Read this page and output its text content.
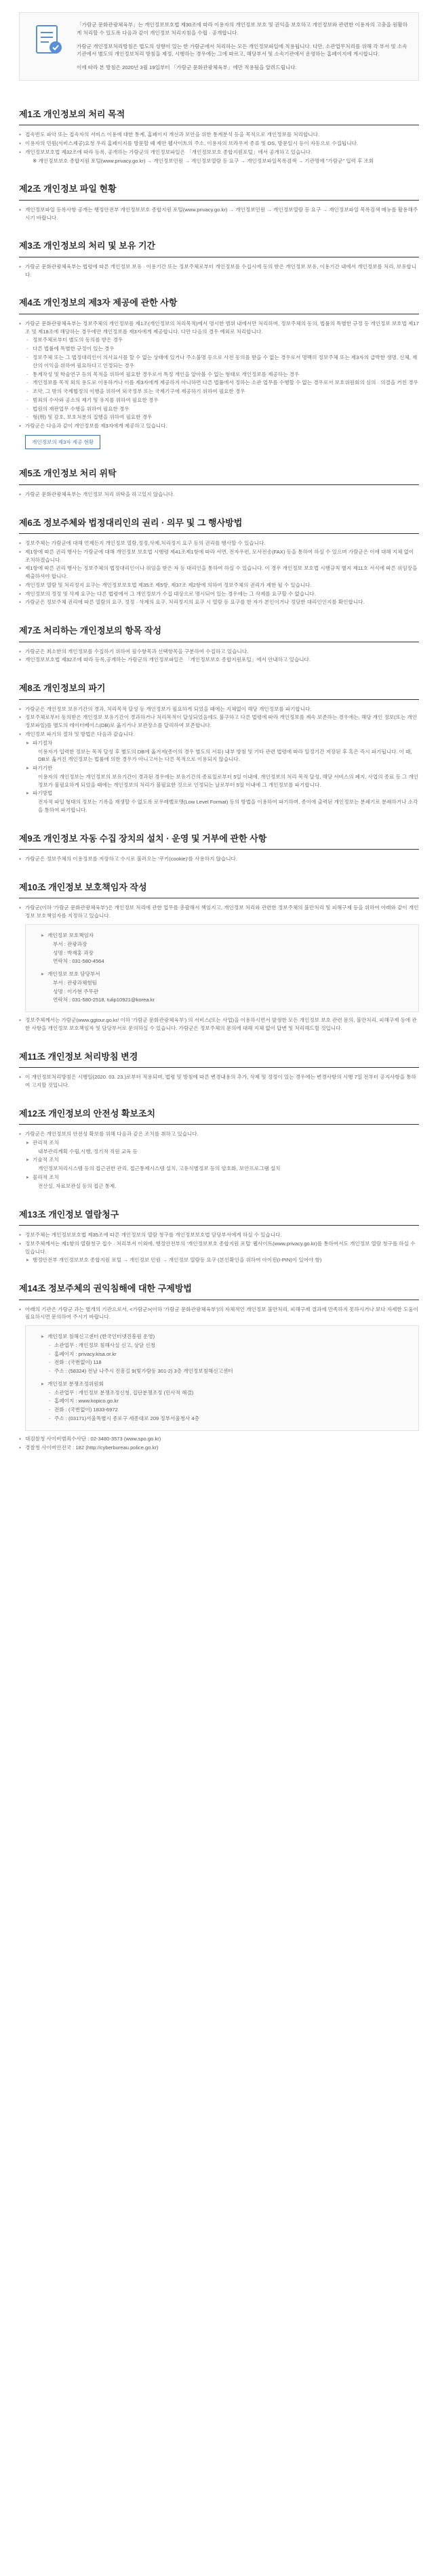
「가람군 문화관광체육부」는 개인정보보호법 제30조에 따라 이용자의 개인정보 보호 및 권익을 보호하고 개인정보와 관련한 이용자의 고충을 원활하게 처리할 수 있도록 다음과 같이 개인정보 처리지침을 수립 · 공개합니다.

가람군 개인정보처리방침은 법도의 성향이 있는 한 가람군에서 처리하는 모든 개인정보파일에 적용됩니다. 다만, 소관업무처리를 위해 각 부서 및 소속기관에서 별도의 개인정보처리 방침을 제정, 시행하는 경우에는 그에 따르고, 해당부서 및 소속기관에서 운영하는 홈페이지에 게시합니다.

이에 따라 본 방침은 2020년 3월 19일부터 「가람군 문화관광체육부」에만 적용됨을 알려드립니다.

제1조 개인정보의 처리 목적
● 접속빈도 파악 또는 접속자의 서비스 이용에 대한 통계, 홈페이지 개선과 보안을 위한 통계분석 등을 목적으로 개인정보를 처리합니다.
● 이용자의 민원(서비스제공)요청 우리 홈페이지를 방문할 때 제안 웹사이트의 주소, 이용자의 브라우저 종류 및 OS, 방문일시 등이 자동으로 수집됩니다.
● 개인정보보호법 제32조에 따라 등록, 공개하는 가람군의 개인정보파일은 「개인정보보호 종합지원포털」에서 공개하고 있습니다.
※ 개인정보보호 종합지원 포털(www.privacy.go.kr) → 개인정보민원 → 개인정보열람 등 요구 → 개인정보파일목록검색 → 기관명에 "가람군" 입력 후 조회
제2조 개인정보 파일 현황
● 개인정보파일 등록사항 공개는 행정안전부 개인정보보호 종합지원 포털(www.privacy.go.kr) → 개인정보민원 → 개인정보열람 등 요구 → 개인정보파일 목록검색 메뉴를 활용해주시기 바랍니다.
제3조 개인정보의 처리 및 보유 기간
● 가람군 문화관광체육부는 법령에 따른 개인정보 보유 · 이용기간 또는 정보주체로부터 개인정보를 수집시에 동의 받은 개인정보 보유, 이용기간 내에서 개인정보를 처리, 보유합니다.
제4조 개인정보의 제3자 제공에 관한 사항
● 가람군 문화관광체육부는 정보주체의 개인정보를 제1조(개인정보의 처리목적)에서 명시한 범위 내에서만 처리하며, 정보주체의 동의, 법률의 특별한 규정 등 개인정보 보호법 제17조 및 제18조에 해당하는 경우에만 개인정보를 제3자에게 제공합니다. 다만 다음의 경우 예외로 처리합니다.
- 정보주체로부터 별도의 동의를 받은 경우
- 다른 법률에 특별한 규정이 있는 경우
- 정보주체 또는 그 법정대리인이 의사표시를 할 수 없는 상태에 있거나 주소불명 등으로 사전 동의를 받을 수 없는 경우로서 명백히 정보주체 또는 제3자의 급박한 생명, 신체, 재산의 이익을 위하여 필요하다고 인정되는 경우
- 통계작성 및 학술연구 등의 목적을 위하여 필요한 경우로서 특정 개인을 알아볼 수 없는 형태로 개인정보를 제공하는 경우
- 개인정보를 목적 외의 용도로 이용하거나 이를 제3자에게 제공하지 아니하면 다른 법률에서 정하는 소관 업무를 수행할 수 없는 경우로서 보호위원회의 심의 · 의결을 거친 경우
- 조약, 그 밖의 국제협정의 이행을 위하여 외국정부 또는 국제기구에 제공하기 위하여 필요한 경우
- 범죄의 수사와 공소의 제기 및 유지를 위하여 필요한 경우
- 법원의 재판업무 수행을 위하여 필요한 경우
- 형(刑) 및 감호, 보호처분의 집행을 위하여 필요한 경우
● 가람군은 다음과 같이 개인정보를 제3자에게 제공하고 있습니다.
개인정보의 제3자 제공 현황
제5조 개인정보 처리 위탁
● 가람군 문화관광체육부는 개인정보 처리 위탁을 하고있지 않습니다.
제6조 정보주체와 법정대리인의 권리 · 의무 및 그 행사방법
● 정보주체는 가람군에 대해 언제든지 개인정보 열람,정정,삭제,처리정지 요구 등의 권리를 행사할 수 있습니다.
● 제1항에 따른 권리 행사는 가람군에 대해 개인정보 보호법 시행령 제41조제1항에 따라 서면, 전자우편, 모사전송(FAX) 등을 통하여 하실 수 있으며 가람군은 이에 대해 지체 없이 조치하겠습니다.
● 제1항에 따른 권리 행사는 정보주체의 법정대리인이나 위임을 받은 자 등 대리인을 통하여 하실 수 있습니다. 이 경우 개인정보 보호법 시행규칙 별지 제11호 서식에 따른 위임장을 제출하셔야 합니다.
● 개인정보 열람 및 처리정지 요구는 개인정보보호법 제35조 제5항, 제37조 제2항에 의하여 정보주체의 권리가 제한 될 수 있습니다.
● 개인정보의 정정 및 삭제 요구는 다른 법령에서 그 개인정보가 수집 대상으로 명시되어 있는 경우에는 그 삭제를 요구할 수 없습니다.
● 가람군은 정보주체 권리에 따른 열람의 요구, 정정 · 삭제의 요구, 처리정지의 요구 시 열람 등 요구를 한 자가 본인이거나 정당한 대리인인지를 확인합니다.
제7조 처리하는 개인정보의 항목 작성
● 가람군은 최소한의 개인정보를 수집하기 위하여 필수항목과 선택항목을 구분하여 수집하고 있습니다.
● 개인정보보호법 제32조에 따라 등록,공개하는 가람군의 개인정보파일은 「개인정보보호 종합지원포털」에서 안내하고 있습니다.
제8조 개인정보의 파기
● 가람군은 개인정보 보유기간의 경과, 처리목적 달성 등 개인정보가 필요하게 되었을 때에는 지체없이 해당 개인정보를 파기합니다.
● 정보주체로부터 동의받은 개인정보 보유기간이 경과하거나 처리목적이 달성되었음에도 불구하고 다른 법령에 따라 개인정보를 계속 보존하는 경우에는, 해당 개인 정보(또는 개인정보파일)를 별도의 데이터베이스(DB)로 옮기거나 보관장소를 달리하여 보존합니다.
● 개인정보 파기의 절차 및 방법은 다음과 같습니다.
▶ 파기절차
이용자가 입력한 정보는 목적 달성 후 별도의 DB에 옮겨져(종이의 경우 별도의 서류) 내부 방침 및 기타 관련 법령에 따라 일정기간 저장된 후 혹은 즉시 파기됩니다. 이 때, DB로 옮겨진 개인정보는 법률에 의한 경우가 아니고서는 다른 목적으로 이용되지 않습니다.
▶ 파기기한
이용자의 개인정보는 개인정보의 보유기간이 경과된 경우에는 보유기간의 종료일로부터 5일 이내에, 개인정보의 처리 목적 달성, 해당 서비스의 폐지, 사업의 종료 등 그 개인정보가 불필요하게 되었을 때에는 개인정보의 처리가 불필요한 것으로 인정되는 날로부터 5일 이내에 그 개인정보를 파기합니다.
▶ 파기방법
전자적 파일 형태의 정보는 기록을 재생할 수 없도록 로우레벨포맷(Low Level Format) 등의 방법을 이용하여 파기하며, 종이에 출력된 개인정보는 분쇄기로 분쇄하거나 소각을 통하여 파기합니다.
제9조 개인정보 자동 수집 장치의 설치 · 운영 및 거부에 관한 사항
● 가람군은 정보주체의 이용정보를 저장하고 수시로 불러오는 '쿠키(cookie)'를 사용하지 않습니다.
제10조 개인정보 보호책임자 작성
● 가람군(이하 '가람군 문화관광체육부')은 개인정보 처리에 관한 업무를 총괄해서 책임지고, 개인정보 처리와 관련한 정보주체의 불만처리 및 피해구제 등을 위하여 아래와 같이 개인정보 보호책임자를 지정하고 있습니다.
▶ 개인정보 보호책임자
부서 : 관광과장
성명 : 박재홍 과장
연락처 : 031-580-4564
▶ 개인정보 보호 담당부서
부서 : 관광과체험팀
성명 : 이가현 주무관
연락처 : 031-580-2518, tulip10921@korea.kr
● 정보주체께서는 가람군(www.ggtour.go.kr/ 이하 '가람군 문화관광체육부') 의 서비스(또는 사업)을 이용하시면서 발생한 모든 개인정보 보호 관련 문의, 불만처리, 피해구제 등에 관한 사항을 개인정보 보호책임자 및 담당부서로 문의하실 수 있습니다. 가람군은 정보주체의 문의에 대해 지체 없이 답변 및 처리해드릴 것입니다.
제11조 개인정보 처리방침 변경
● 이 개인정보처리방침은 시행일(2020. 03. 23.)로부터 적용되며, 법령 및 방침에 따른 변경내용의 추가, 삭제 및 정정이 있는 경우에는 변경사항의 시행 7일 전부터 공지사항을 통하여 고지할 것입니다.
제12조 개인정보의 안전성 확보조치
● 가람군은 개인정보의 안전성 확보를 위해 다음과 같은 조치를 취하고 있습니다.
▶ 관리적 조치
내부관리계획 수립,시행, 정기적 직원 교육 등
▶ 기술적 조치
개인정보처리시스템 등의 접근권한 관리, 접근통제시스템 설치, 고유식별정보 등의 암호화, 보안프로그램 설치
▶ 물리적 조치
전산실, 자료보관실 등의 접근 통제.
제13조 개인정보 열람청구
● 정보주체는 개인정보보호법 제35조에 따른 개인정보의 열람 청구를 개인정보보호법 담당부서에게 하실 수 있습니다.
● 정보주체께서는 제1항의 열람청구 접수 · 처리부서 이외에, 행정안전부의 '개인정보보호 종합지원 포털' 웹사이트(www.privacy.go.kr)를 통하여서도 개인정보 열람 청구를 하실 수 있습니다.
▶ 행정안전부 개인정보보호 종합지원 포털 → 개인정보 민원 → 개인정보 열람등 요구 (본인확인을 위하여 아이핀(I-PIN)이 있어야 함)
제14조 정보주체의 권익침해에 대한 구제방법
● 아래의 기관은 가람군 과는 별개의 기관으로서, <가람군>(이하 '가람군 문화관광체육부')의 자체적인 개인정보 불만처리, 피해구제 결과에 만족하지 못하시거나 보다 자세한 도움이 필요하시면 문의하여 주시기 바랍니다.
▶ 개인정보 침해신고센터 (한국인터넷진흥원 운영)
- 소관업무 : 개인정보 침해사실 신고, 상담 신청
- 홈페이지 : privacy.kisa.or.kr
- 전화 : (국번없이) 118
- 주소 : (58324) 전남 나주시 진흥길 9(빛가람동 301-2) 3층 개인정보침해신고센터
▶ 개인정보 분쟁조정위원회
- 소관업무 : 개인정보 분쟁조정신청, 집단분쟁조정 (민사적 해결)
- 홈페이지 : www.kopico.go.kr
- 전화 : (국번없이) 1833-6972
- 주소 : (03171)서울특별시 종로구 세종대로 209 정부서울청사 4층
● 대검찰청 사이버범죄수사단 : 02-3480-3573 (www.spo.go.kr)
● 경찰청 사이버안전국 : 182 (http://cyberbureau.police.go.kr)
